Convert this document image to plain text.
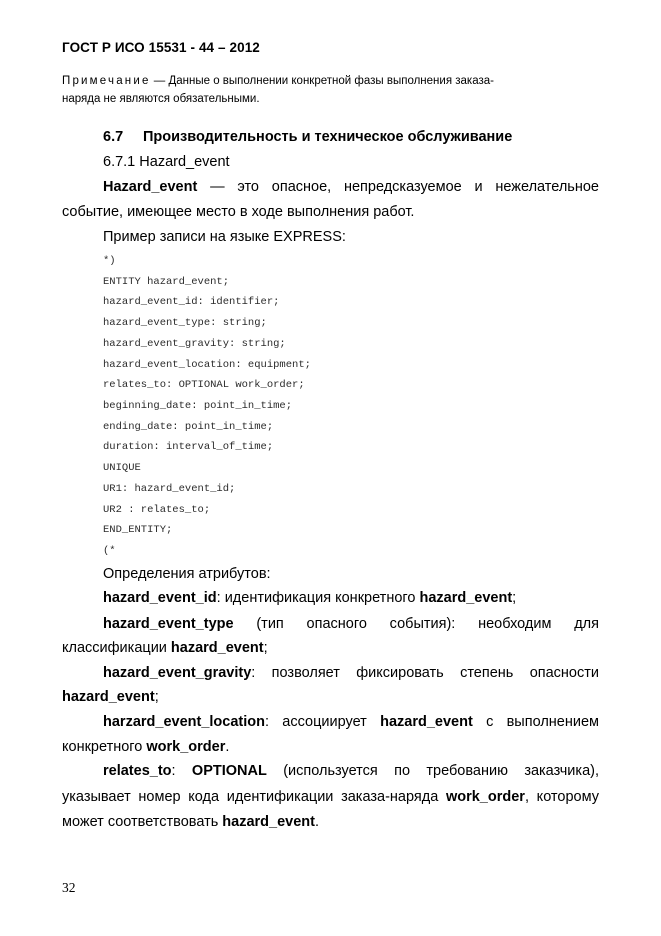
ГОСТ Р ИСО 15531 - 44 – 2012
Примечание — Данные о выполнении конкретной фазы выполнения заказа-
наряда не являются обязательными.
6.7 Производительность и техническое обслуживание
6.7.1 Hazard_event
Hazard_event — это опасное, непредсказуемое и нежелательное
событие, имеющее место в ходе выполнения работ.
Пример записи на языке EXPRESS:
*)
ENTITY hazard_event;
hazard_event_id: identifier;
hazard_event_type: string;
hazard_event_gravity: string;
hazard_event_location: equipment;
relates_to: OPTIONAL work_order;
beginning_date: point_in_time;
ending_date: point_in_time;
duration: interval_of_time;
UNIQUE
UR1: hazard_event_id;
UR2 : relates_to;
END_ENTITY;
(*
Определения атрибутов:
hazard_event_id: идентификация конкретного hazard_event;
hazard_event_type (тип опасного события): необходим для
классификации hazard_event;
hazard_event_gravity: позволяет фиксировать степень опасности
hazard_event;
harzard_event_location: ассоциирует hazard_event с выполнением
конкретного work_order.
relates_to: OPTIONAL (используется по требованию заказчика),
указывает номер кода идентификации заказа-наряда work_order, которому
может соответствовать hazard_event.
32
